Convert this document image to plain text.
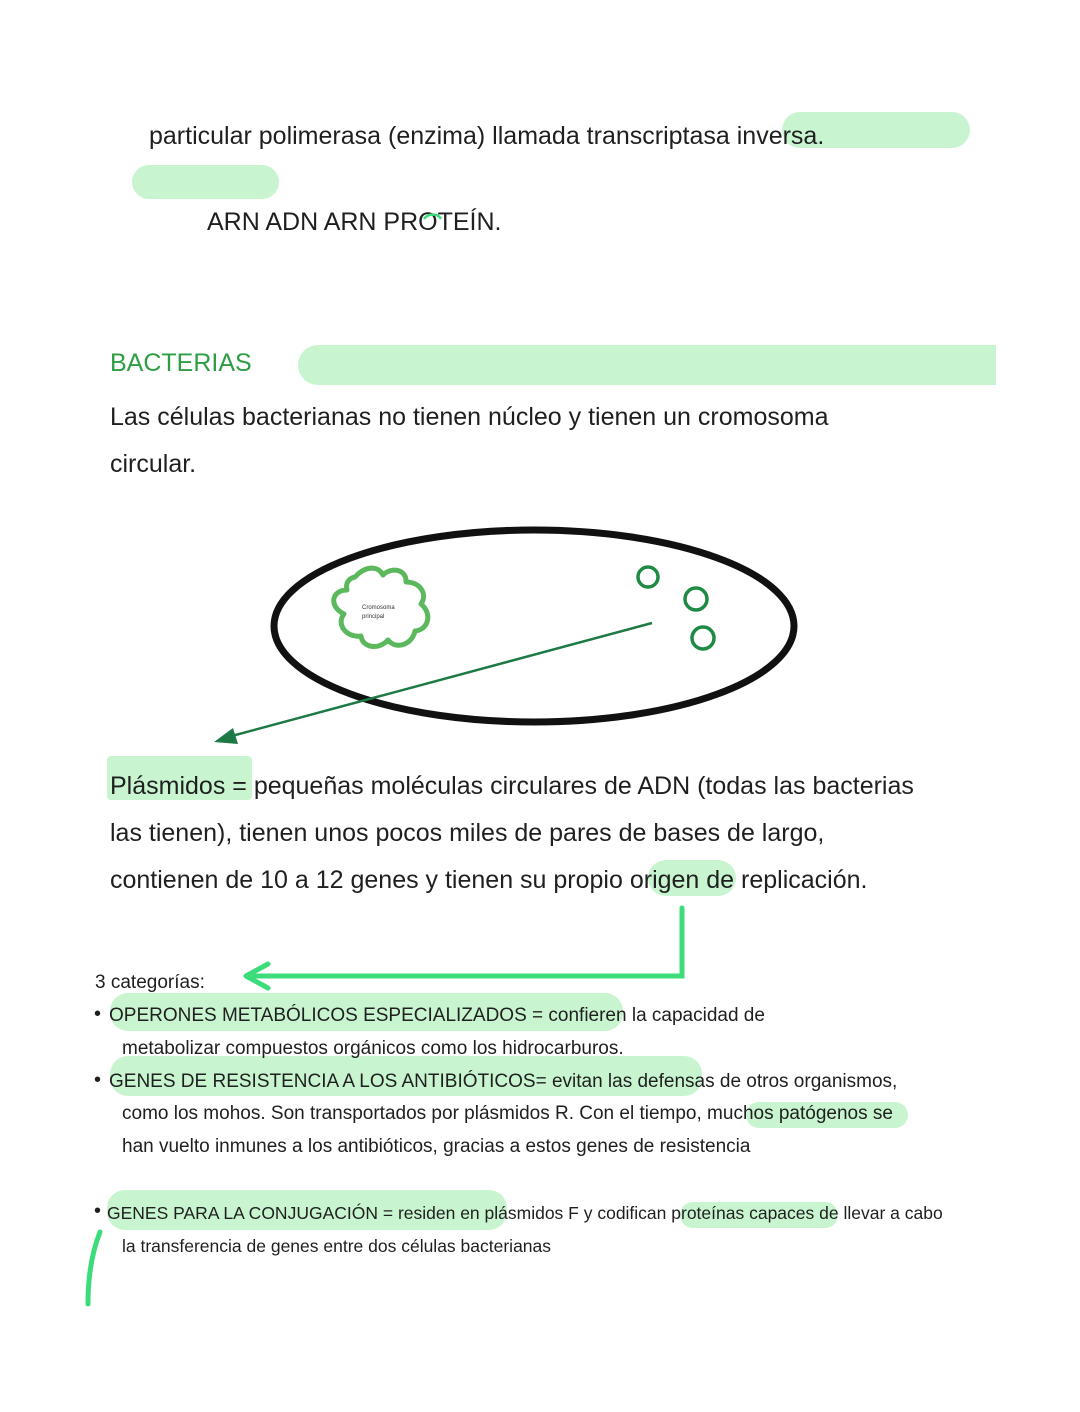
particular polimerasa (enzima) llamada transcriptasa inversa.
ARN ADN ARN PROTEÍN.
BACTERIAS
Las células bacterianas no tienen núcleo y tienen un cromosoma
circular.
Cromosoma
principal
Plásmidos = pequeñas moléculas circulares de ADN (todas las bacterias
las tienen), tienen unos pocos miles de pares de bases de largo,
contienen de 10 a 12 genes y tienen su propio origen de replicación.
3 categorías:
• OPERONES METABÓLICOS ESPECIALIZADOS = confieren la capacidad de
metabolizar compuestos orgánicos como los hidrocarburos.
• GENES DE RESISTENCIA A LOS ANTIBIÓTICOS= evitan las defensas de otros organismos,
como los mohos. Son transportados por plásmidos R. Con el tiempo, muchos patógenos se
han vuelto inmunes a los antibióticos, gracias a estos genes de resistencia
• GENES PARA LA CONJUGACIÓN = residen en plásmidos F y codifican proteínas capaces de llevar a cabo
la transferencia de genes entre dos células bacterianas
